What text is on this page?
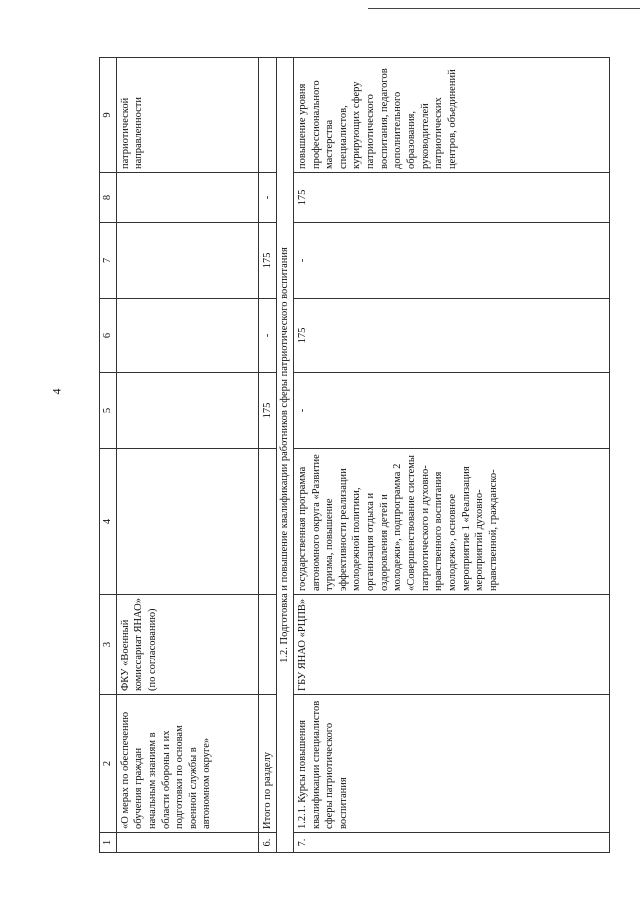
4
1	2	3	4	5	6	7	8	9
	«О мерах по обеспечению обучения граждан начальным знаниям в области обороны и их подготовки по основам военной службы в автономном округе»	ФКУ «Военный комиссариат ЯНАО» (по согласованию)						патриотической направленности
6.	Итого по разделу			175	-	175	-	
1.2. Подготовка и повышение квалификации работников сферы патриотического воспитания								
7.	1.2.1. Курсы повышения квалификации специалистов сферы патриотического воспитания	ГБУ ЯНАО «РЦПВ»	государственная программа автономного округа «Развитие туризма, повышение эффективности реализации молодежной политики, организация отдыха и оздоровления детей и молодежи», подпрограмма 2 «Совершенствование системы патриотического и духовно-нравственного воспитания молодежи», основное мероприятие 1 «Реализация мероприятий духовно-нравственной, гражданско-	-	175	-	175	повышение уровня профессионального мастерства специалистов, курирующих сферу патриотического воспитания, педагогов дополнительного образования, руководителей патриотических центров, объединений
